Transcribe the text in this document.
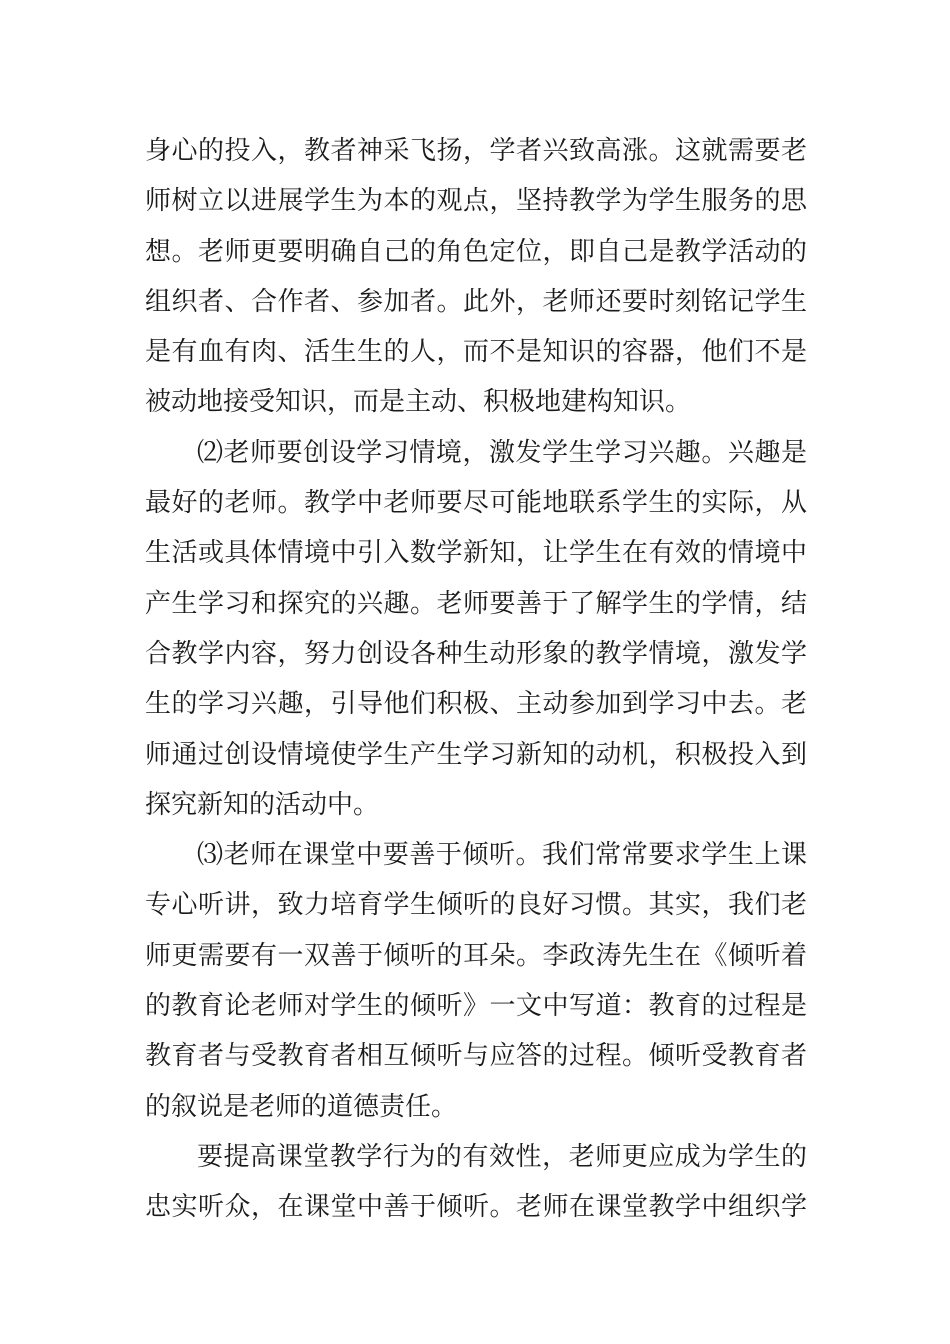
身心的投入，教者神采飞扬，学者兴致高涨。这就需要老
师树立以进展学生为本的观点，坚持教学为学生服务的思
想。老师更要明确自己的角色定位，即自己是教学活动的
组织者、合作者、参加者。此外，老师还要时刻铭记学生
是有血有肉、活生生的人，而不是知识的容器，他们不是
被动地接受知识，而是主动、积极地建构知识。
⑵老师要创设学习情境，激发学生学习兴趣。兴趣是
最好的老师。教学中老师要尽可能地联系学生的实际，从
生活或具体情境中引入数学新知，让学生在有效的情境中
产生学习和探究的兴趣。老师要善于了解学生的学情，结
合教学内容，努力创设各种生动形象的教学情境，激发学
生的学习兴趣，引导他们积极、主动参加到学习中去。老
师通过创设情境使学生产生学习新知的动机，积极投入到
探究新知的活动中。
⑶老师在课堂中要善于倾听。我们常常要求学生上课
专心听讲，致力培育学生倾听的良好习惯。其实，我们老
师更需要有一双善于倾听的耳朵。李政涛先生在《倾听着
的教育论老师对学生的倾听》一文中写道：教育的过程是
教育者与受教育者相互倾听与应答的过程。倾听受教育者
的叙说是老师的道德责任。
要提高课堂教学行为的有效性，老师更应成为学生的
忠实听众，在课堂中善于倾听。老师在课堂教学中组织学
